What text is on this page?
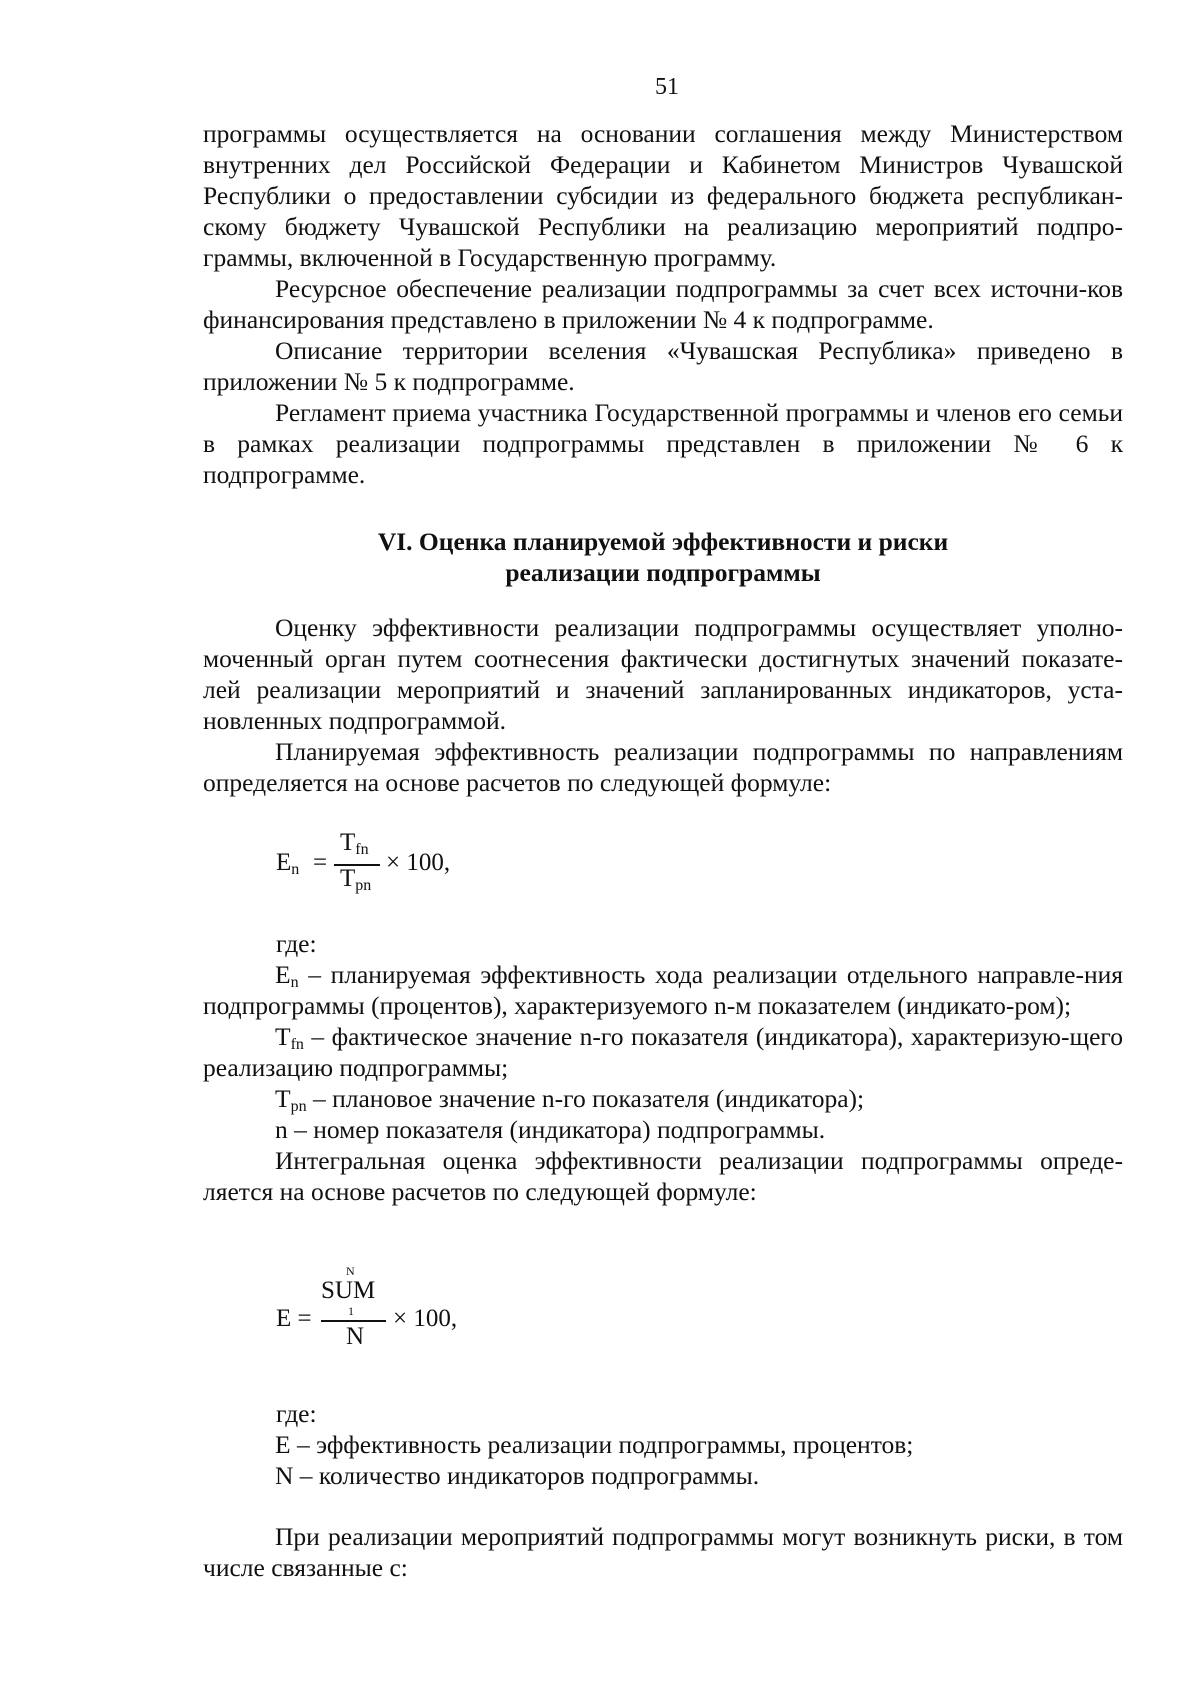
51

программы осуществляется на основании соглашения между Министерством внутренних дел Российской Федерации и Кабинетом Министров Чувашской Республики о предоставлении субсидии из федерального бюджета республикан-скому бюджету Чувашской Республики на реализацию мероприятий подпро-граммы, включенной в Государственную программу.

Ресурсное обеспечение реализации подпрограммы за счет всех источни-ков финансирования представлено в приложении № 4 к подпрограмме.

Описание территории вселения «Чувашская Республика» приведено в приложении № 5 к подпрограмме.

Регламент приема участника Государственной программы и членов его семьи в рамках реализации подпрограммы представлен в приложении № 6 к подпрограмме.

VI. Оценка планируемой эффективности и риски
реализации подпрограммы

Оценку эффективности реализации подпрограммы осуществляет уполно-моченный орган путем соотнесения фактически достигнутых значений показате-лей реализации мероприятий и значений запланированных индикаторов, уста-новленных подпрограммой.

Планируемая эффективность реализации подпрограммы по направлениям определяется на основе расчетов по следующей формуле:

$E_n$ =
$T_{fn}$
$T_{pn}$
× 100,
где:

$E_n$ – планируемая эффективность хода реализации отдельного направле-ния подпрограммы (процентов), характеризуемого n-м показателем (индикато-ром);

$T_{fn}$ – фактическое значение n-го показателя (индикатора), характеризую-щего реализацию подпрограммы;

$T_{pn}$ – плановое значение n-го показателя (индикатора);

n – номер показателя (индикатора) подпрограммы.

Интегральная оценка эффективности реализации подпрограммы опреде-ляется на основе расчетов по следующей формуле:

N
SUM
1
E =
N
× 100,
где:

E – эффективность реализации подпрограммы, процентов;

N – количество индикаторов подпрограммы.

При реализации мероприятий подпрограммы могут возникнуть риски, в том числе связанные с:
